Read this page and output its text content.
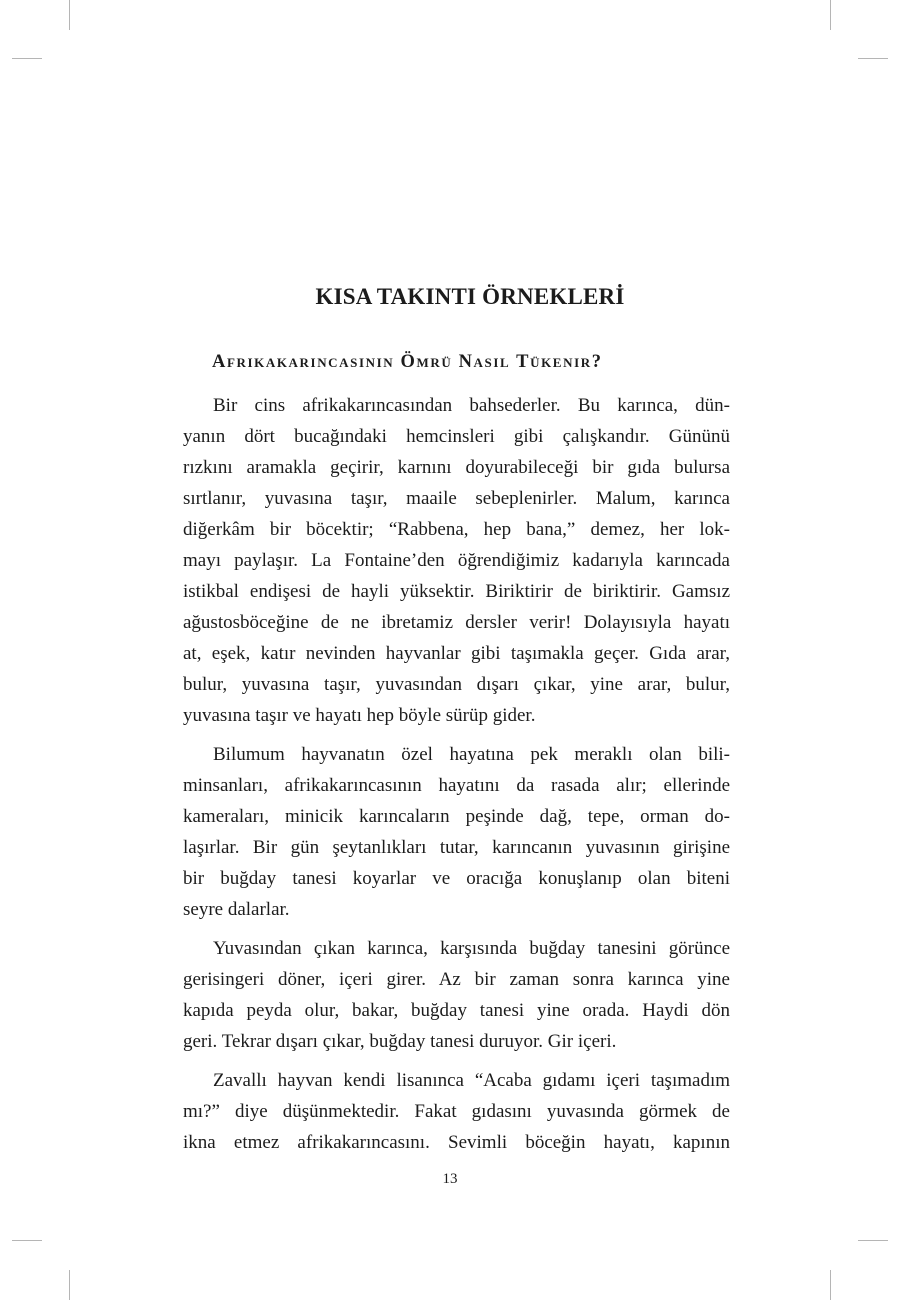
KISA TAKINTI ÖRNEKLERİ
Afrikakarıncasının Ömrü Nasıl Tükenir?

Bir cins afrikakarıncasından bahsederler. Bu karınca, dün-
yanın dört bucağındaki hemcinsleri gibi çalışkandır. Gününü
rızkını aramakla geçirir, karnını doyurabileceği bir gıda bulursa
sırtlanır, yuvasına taşır, maaile sebeplenirler. Malum, karınca
diğerkâm bir böcektir; “Rabbena, hep bana,” demez, her lok-
mayı paylaşır. La Fontaine’den öğrendiğimiz kadarıyla karıncada
istikbal endişesi de hayli yüksektir. Biriktirir de biriktirir. Gamsız
ağustosböceğine de ne ibretamiz dersler verir! Dolayısıyla hayatı
at, eşek, katır nevinden hayvanlar gibi taşımakla geçer. Gıda arar,
bulur, yuvasına taşır, yuvasından dışarı çıkar, yine arar, bulur,
yuvasına taşır ve hayatı hep böyle sürüp gider.

Bilumum hayvanatın özel hayatına pek meraklı olan bili-
minsanları, afrikakarıncasının hayatını da rasada alır; ellerinde
kameraları, minicik karıncaların peşinde dağ, tepe, orman do-
laşırlar. Bir gün şeytanlıkları tutar, karıncanın yuvasının girişine
bir buğday tanesi koyarlar ve oracığa konuşlanıp olan biteni
seyre dalarlar.

Yuvasından çıkan karınca, karşısında buğday tanesini görünce
gerisingeri döner, içeri girer. Az bir zaman sonra karınca yine
kapıda peyda olur, bakar, buğday tanesi yine orada. Haydi dön
geri. Tekrar dışarı çıkar, buğday tanesi duruyor. Gir içeri.

Zavallı hayvan kendi lisanınca “Acaba gıdamı içeri taşımadım
mı?” diye düşünmektedir. Fakat gıdasını yuvasında görmek de
ikna etmez afrikakarıncasını. Sevimli böceğin hayatı, kapının

13
